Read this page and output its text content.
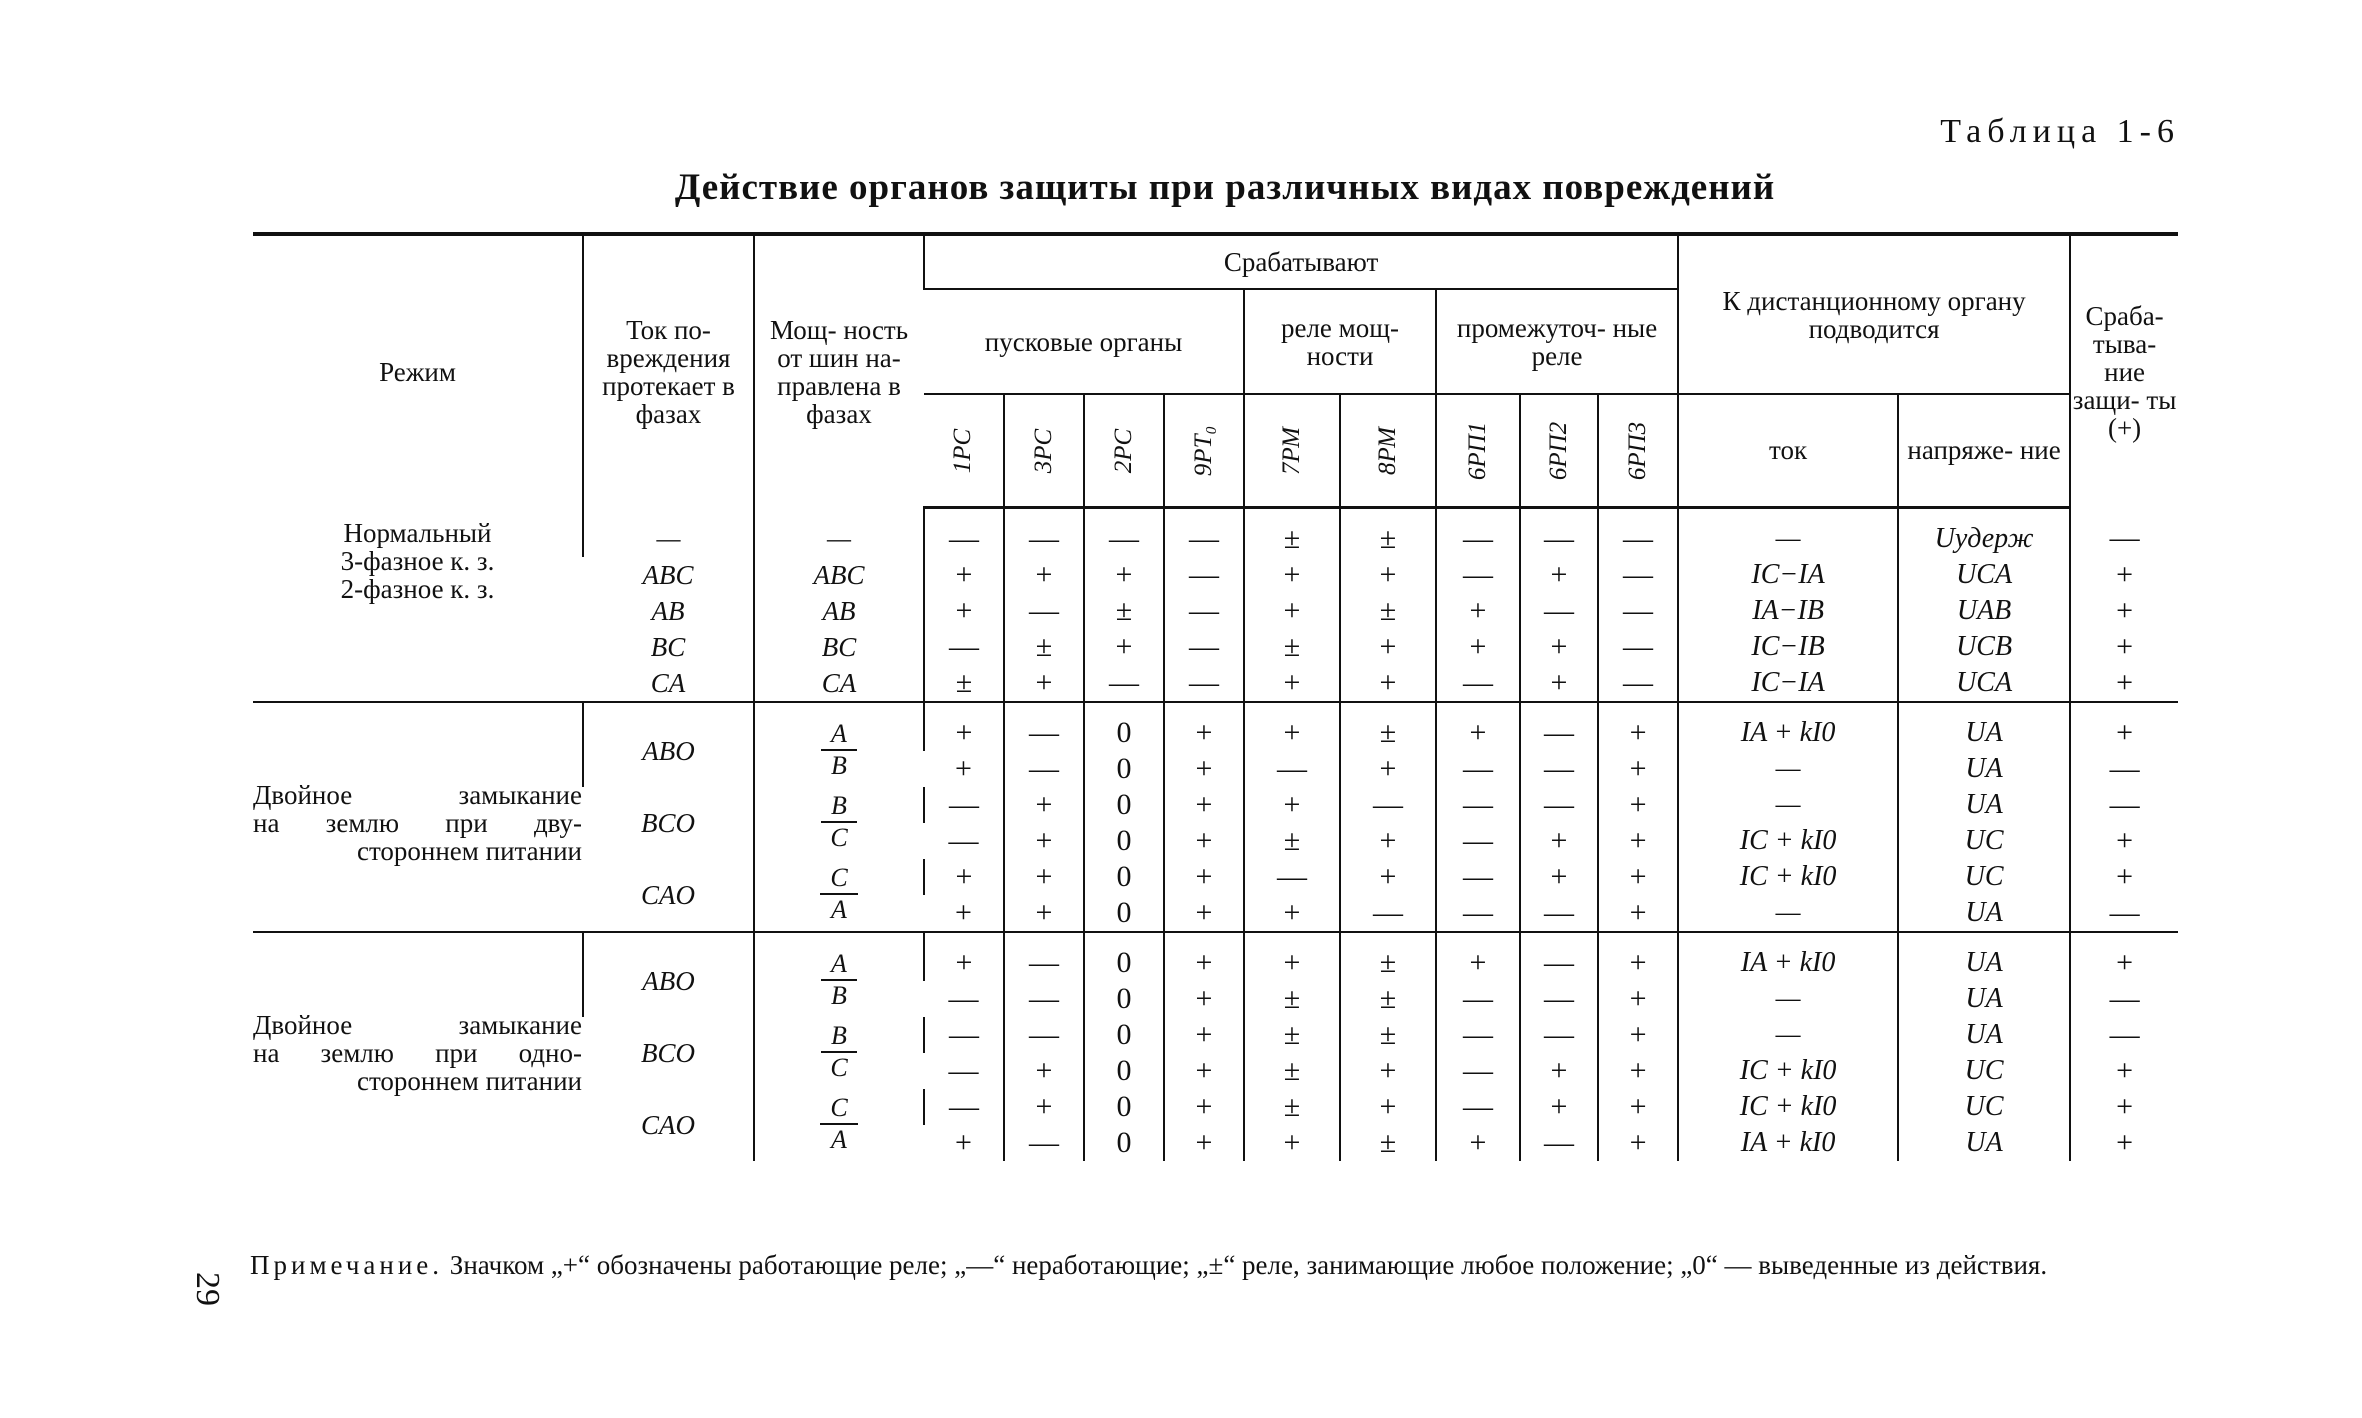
Таблица 1-6
Действие органов защиты при различных видах повреждений
Режим	Ток по- вреждения протекает в фазах	Мощ- ность от шин на- правлена в фазах	Срабатывают									К дистанционному органу подводится		Сраба- тыва- ние защи- ты (+)
			пусковые органы				реле мощ- ности		промежуточ- ные реле					
			1РС	3РС	2РС	9РТ₀	7РМ	8РМ	6РП1	6РП2	6РП3	ток	напряже- ние	

Нормальный
3-фазное к. з.
2-фазное к. з.	—	—	—	—	—	—	±	±	—	—	—	—	Uудерж	—
	ABC	ABC	+	+	+	—	+	+	—	+	—	IC−IA	UCA	+
	AB	AB	+	—	±	—	+	±	+	—	—	IA−IB	UAB	+
	BC	BC	—	±	+	—	±	+	+	+	—	IC−IB	UCB	+
	CA	CA	±	+	—	—	+	+	—	+	—	IC−IA	UCA	+

Двойное замыкание
на землю при дву-
стороннем питании	ABO	$\frac{A}{B}$	+	—	0	+	+	±	+	—	+	IA + kI0	UA	+
			+	—	0	+	—	+	—	—	+	—	UA	—
	BCO	$\frac{B}{C}$	—	+	0	+	+	—	—	—	+	—	UA	—
			—	+	0	+	±	+	—	+	+	IC + kI0	UC	+
	CAO	$\frac{C}{A}$	+	+	0	+	—	+	—	+	+	IC + kI0	UC	+
			+	+	0	+	+	—	—	—	+	—	UA	—

Двойное замыкание
на землю при одно-
стороннем питании	ABO	$\frac{A}{B}$	+	—	0	+	+	±	+	—	+	IA + kI0	UA	+
			—	—	0	+	±	±	—	—	+	—	UA	—
	BCO	$\frac{B}{C}$	—	—	0	+	±	±	—	—	+	—	UA	—
			—	+	0	+	±	+	—	+	+	IC + kI0	UC	+
	CAO	$\frac{C}{A}$	—	+	0	+	±	+	—	+	+	IC + kI0	UC	+
			+	—	0	+	+	±	+	—	+	IA + kI0	UA	+
Примечание. Значком „+“ обозначены работающие реле; „—“ неработающие; „±“ реле, занимающие любое положение; „0“ — выведенные из действия.
29
